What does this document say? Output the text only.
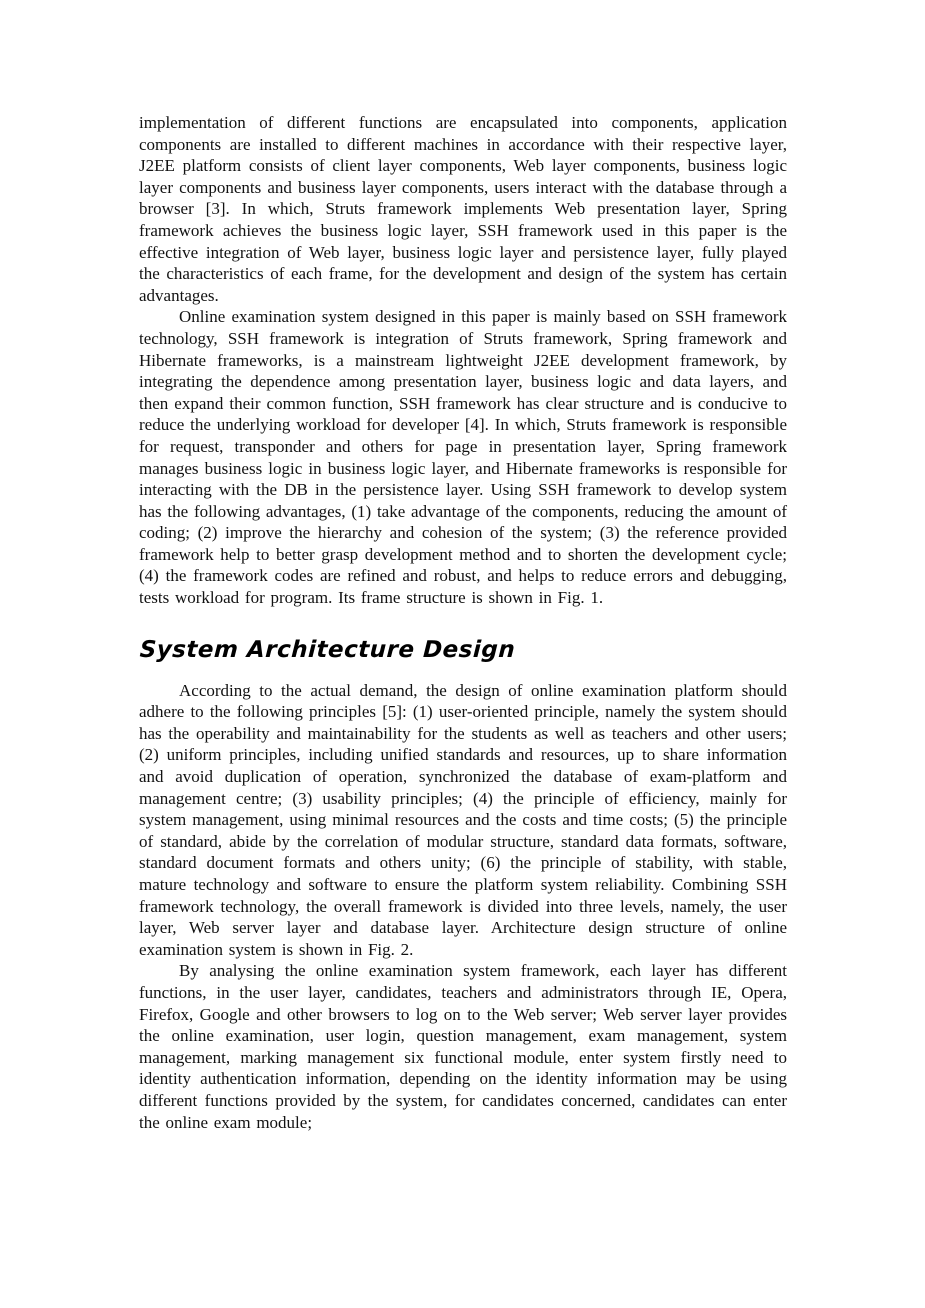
implementation of different functions are encapsulated into components, application components are installed to different machines in accordance with their respective layer, J2EE platform consists of client layer components, Web layer components, business logic layer components and business layer components, users interact with the database through a browser [3]. In which, Struts framework implements Web presentation layer, Spring framework achieves the business logic layer, SSH framework used in this paper is the effective integration of Web layer, business logic layer and persistence layer, fully played the characteristics of each frame, for the development and design of the system has certain advantages.

Online examination system designed in this paper is mainly based on SSH framework technology, SSH framework is integration of Struts framework, Spring framework and Hibernate frameworks, is a mainstream lightweight J2EE development framework, by integrating the dependence among presentation layer, business logic and data layers, and then expand their common function, SSH framework has clear structure and is conducive to reduce the underlying workload for developer [4]. In which, Struts framework is responsible for request, transponder and others for page in presentation layer, Spring framework manages business logic in business logic layer, and Hibernate frameworks is responsible for interacting with the DB in the persistence layer. Using SSH framework to develop system has the following advantages, (1) take advantage of the components, reducing the amount of coding; (2) improve the hierarchy and cohesion of the system; (3) the reference provided framework help to better grasp development method and to shorten the development cycle; (4) the framework codes are refined and robust, and helps to reduce errors and debugging, tests workload for program. Its frame structure is shown in Fig. 1.

System Architecture Design

According to the actual demand, the design of online examination platform should adhere to the following principles [5]: (1) user-oriented principle, namely the system should has the operability and maintainability for the students as well as teachers and other users; (2) uniform principles, including unified standards and resources, up to share information and avoid duplication of operation, synchronized the database of exam-platform and management centre; (3) usability principles; (4) the principle of efficiency, mainly for system management, using minimal resources and the costs and time costs; (5) the principle of standard, abide by the correlation of modular structure, standard data formats, software, standard document formats and others unity; (6) the principle of stability, with stable, mature technology and software to ensure the platform system reliability. Combining SSH framework technology, the overall framework is divided into three levels, namely, the user layer, Web server layer and database layer. Architecture design structure of online examination system is shown in Fig. 2.

By analysing the online examination system framework, each layer has different functions, in the user layer, candidates, teachers and administrators through IE, Opera, Firefox, Google and other browsers to log on to the Web server; Web server layer provides the online examination, user login, question management, exam management, system management, marking management six functional module, enter system firstly need to identity authentication information, depending on the identity information may be using different functions provided by the system, for candidates concerned, candidates can enter the online exam module;
